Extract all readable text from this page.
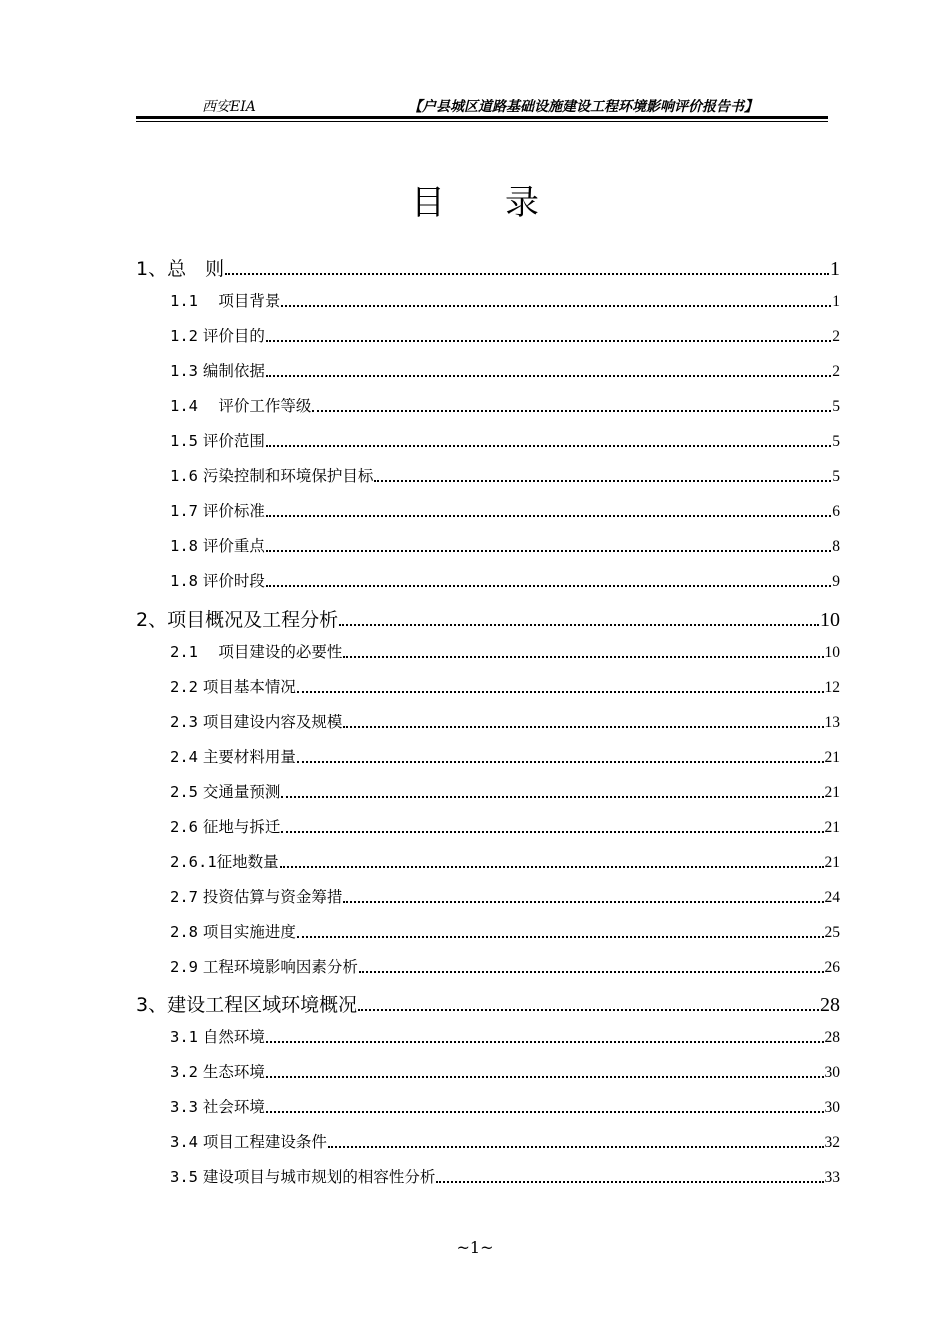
西安EIA	【户县城区道路基础设施建设工程环境影响评价报告书】
目录
1、总　则	1
1.1 　项目背景	1
1.2 评价目的	2
1.3 编制依据	2
1.4 　评价工作等级	5
1.5 评价范围	5
1.6 污染控制和环境保护目标	5
1.7 评价标准	6
1.8 评价重点	8
1.8 评价时段	9
2、项目概况及工程分析	10
2.1 　项目建设的必要性	10
2.2 项目基本情况	12
2.3 项目建设内容及规模	13
2.4 主要材料用量	21
2.5 交通量预测	21
2.6 征地与拆迁	21
2.6.1征地数量	21
2.7 投资估算与资金筹措	24
2.8 项目实施进度	25
2.9 工程环境影响因素分析	26
3、建设工程区域环境概况	28
3.1 自然环境	28
3.2 生态环境	30
3.3 社会环境	30
3.4 项目工程建设条件	32
3.5 建设项目与城市规划的相容性分析	33
~1~
